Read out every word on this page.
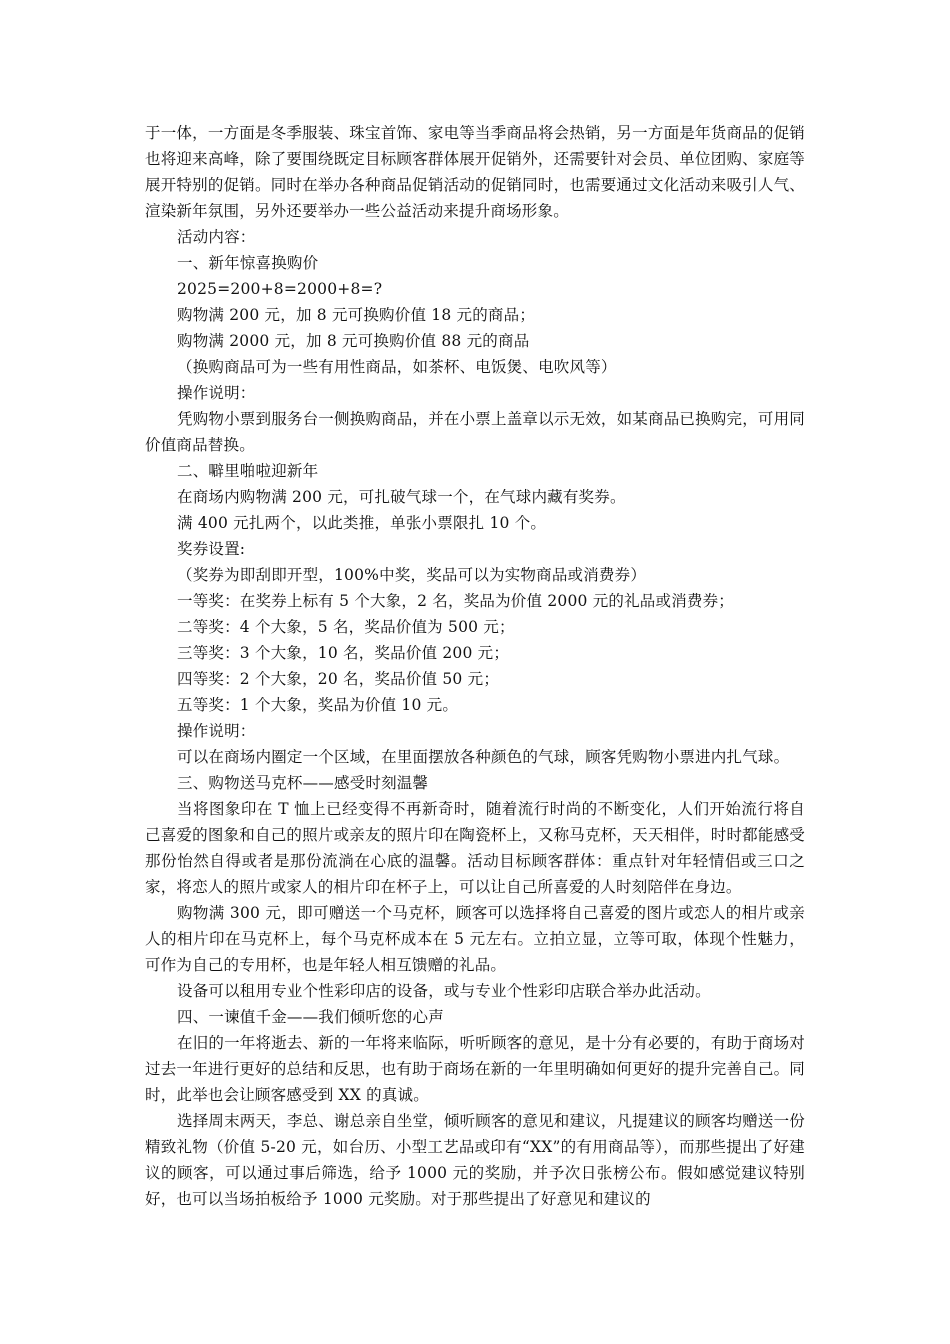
于一体，一方面是冬季服装、珠宝首饰、家电等当季商品将会热销，另一方面是年货商品的促销也将迎来高峰，除了要围绕既定目标顾客群体展开促销外，还需要针对会员、单位团购、家庭等展开特别的促销。同时在举办各种商品促销活动的促销同时，也需要通过文化活动来吸引人气、渲染新年氛围，另外还要举办一些公益活动来提升商场形象。

活动内容：

一、新年惊喜换购价

2025=200+8=2000+8=?

购物满 200 元，加 8 元可换购价值 18 元的商品；

购物满 2000 元，加 8 元可换购价值 88 元的商品

（换购商品可为一些有用性商品，如茶杯、电饭煲、电吹风等）

操作说明：

凭购物小票到服务台一侧换购商品，并在小票上盖章以示无效，如某商品已换购完，可用同价值商品替换。

二、噼里啪啦迎新年

在商场内购物满 200 元，可扎破气球一个，在气球内藏有奖券。

满 400 元扎两个，以此类推，单张小票限扎 10 个。

奖券设置:

（奖券为即刮即开型，100%中奖，奖品可以为实物商品或消费券）

一等奖：在奖券上标有 5 个大象，2 名，奖品为价值 2000 元的礼品或消费券；

二等奖：4 个大象，5 名，奖品价值为 500 元；

三等奖：3 个大象，10 名，奖品价值 200 元；

四等奖：2 个大象，20 名，奖品价值 50 元；

五等奖：1 个大象，奖品为价值 10 元。

操作说明：

可以在商场内圈定一个区域，在里面摆放各种颜色的气球，顾客凭购物小票进内扎气球。

三、购物送马克杯——感受时刻温馨

当将图象印在 T 恤上已经变得不再新奇时，随着流行时尚的不断变化，人们开始流行将自己喜爱的图象和自己的照片或亲友的照片印在陶瓷杯上，又称马克杯，天天相伴，时时都能感受那份怡然自得或者是那份流淌在心底的温馨。活动目标顾客群体：重点针对年轻情侣或三口之家，将恋人的照片或家人的相片印在杯子上，可以让自己所喜爱的人时刻陪伴在身边。

购物满 300 元，即可赠送一个马克杯，顾客可以选择将自己喜爱的图片或恋人的相片或亲人的相片印在马克杯上，每个马克杯成本在 5 元左右。立拍立显，立等可取，体现个性魅力，可作为自己的专用杯，也是年轻人相互馈赠的礼品。

设备可以租用专业个性彩印店的设备，或与专业个性彩印店联合举办此活动。

四、一谏值千金——我们倾听您的心声

在旧的一年将逝去、新的一年将来临际，听听顾客的意见，是十分有必要的，有助于商场对过去一年进行更好的总结和反思，也有助于商场在新的一年里明确如何更好的提升完善自己。同时，此举也会让顾客感受到 XX 的真诚。

选择周末两天，李总、谢总亲自坐堂，倾听顾客的意见和建议，凡提建议的顾客均赠送一份精致礼物（价值 5-20 元，如台历、小型工艺品或印有“XX”的有用商品等），而那些提出了好建议的顾客，可以通过事后筛选，给予 1000 元的奖励，并予次日张榜公布。假如感觉建议特别好，也可以当场拍板给予 1000 元奖励。对于那些提出了好意见和建议的
